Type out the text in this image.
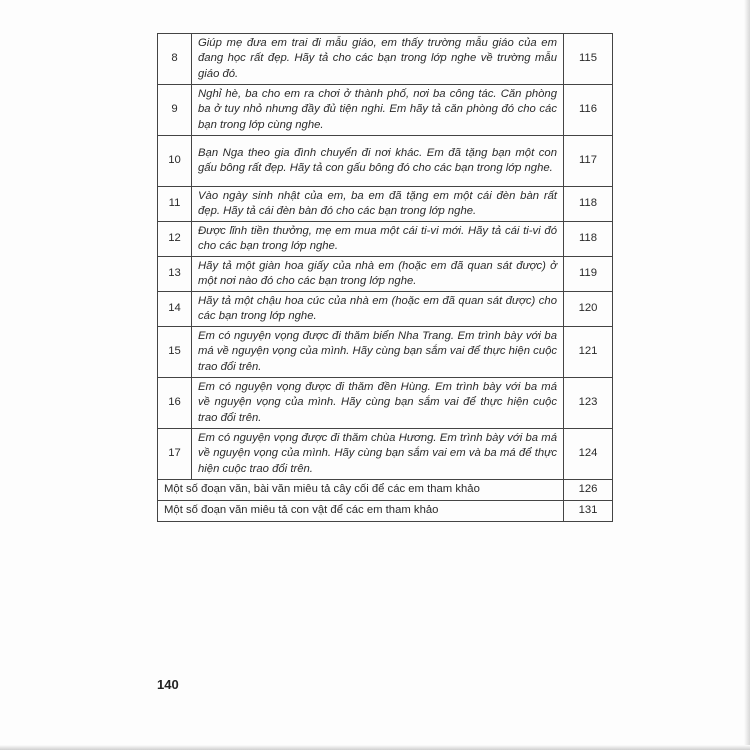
8	Giúp mẹ đưa em trai đi mẫu giáo, em thấy trường mẫu giáo của em đang học rất đẹp. Hãy tả cho các bạn trong lớp nghe về trường mẫu giáo đó.	115
9	Nghỉ hè, ba cho em ra chơi ở thành phố, nơi ba công tác. Căn phòng ba ở tuy nhỏ nhưng đầy đủ tiện nghi. Em hãy tả căn phòng đó cho các bạn trong lớp cùng nghe.	116
10	Bạn Nga theo gia đình chuyển đi nơi khác. Em đã tặng bạn một con gấu bông rất đẹp. Hãy tả con gấu bông đó cho các bạn trong lớp nghe.	117
11	Vào ngày sinh nhật của em, ba em đã tặng em một cái đèn bàn rất đẹp. Hãy tả cái đèn bàn đó cho các bạn trong lớp nghe.	118
12	Được lĩnh tiền thưởng, mẹ em mua một cái ti-vi mới. Hãy tả cái ti-vi đó cho các bạn trong lớp nghe.	118
13	Hãy tả một giàn hoa giấy của nhà em (hoặc em đã quan sát được) ở một nơi nào đó cho các bạn trong lớp nghe.	119
14	Hãy tả một chậu hoa cúc của nhà em (hoặc em đã quan sát được) cho các bạn trong lớp nghe.	120
15	Em có nguyện vọng được đi thăm biển Nha Trang. Em trình bày với ba má về nguyện vọng của mình. Hãy cùng bạn sắm vai để thực hiện cuộc trao đổi trên.	121
16	Em có nguyện vọng được đi thăm đền Hùng. Em trình bày với ba má về nguyện vọng của mình. Hãy cùng bạn sắm vai để thực hiện cuộc trao đổi trên.	123
17	Em có nguyện vọng được đi thăm chùa Hương. Em trình bày với ba má về nguyện vọng của mình. Hãy cùng bạn sắm vai em và ba má để thực hiện cuộc trao đổi trên.	124
Một số đoạn văn, bài văn miêu tả cây cối để các em tham khảo		126
Một số đoạn văn miêu tả con vật để các em tham khảo		131
140
